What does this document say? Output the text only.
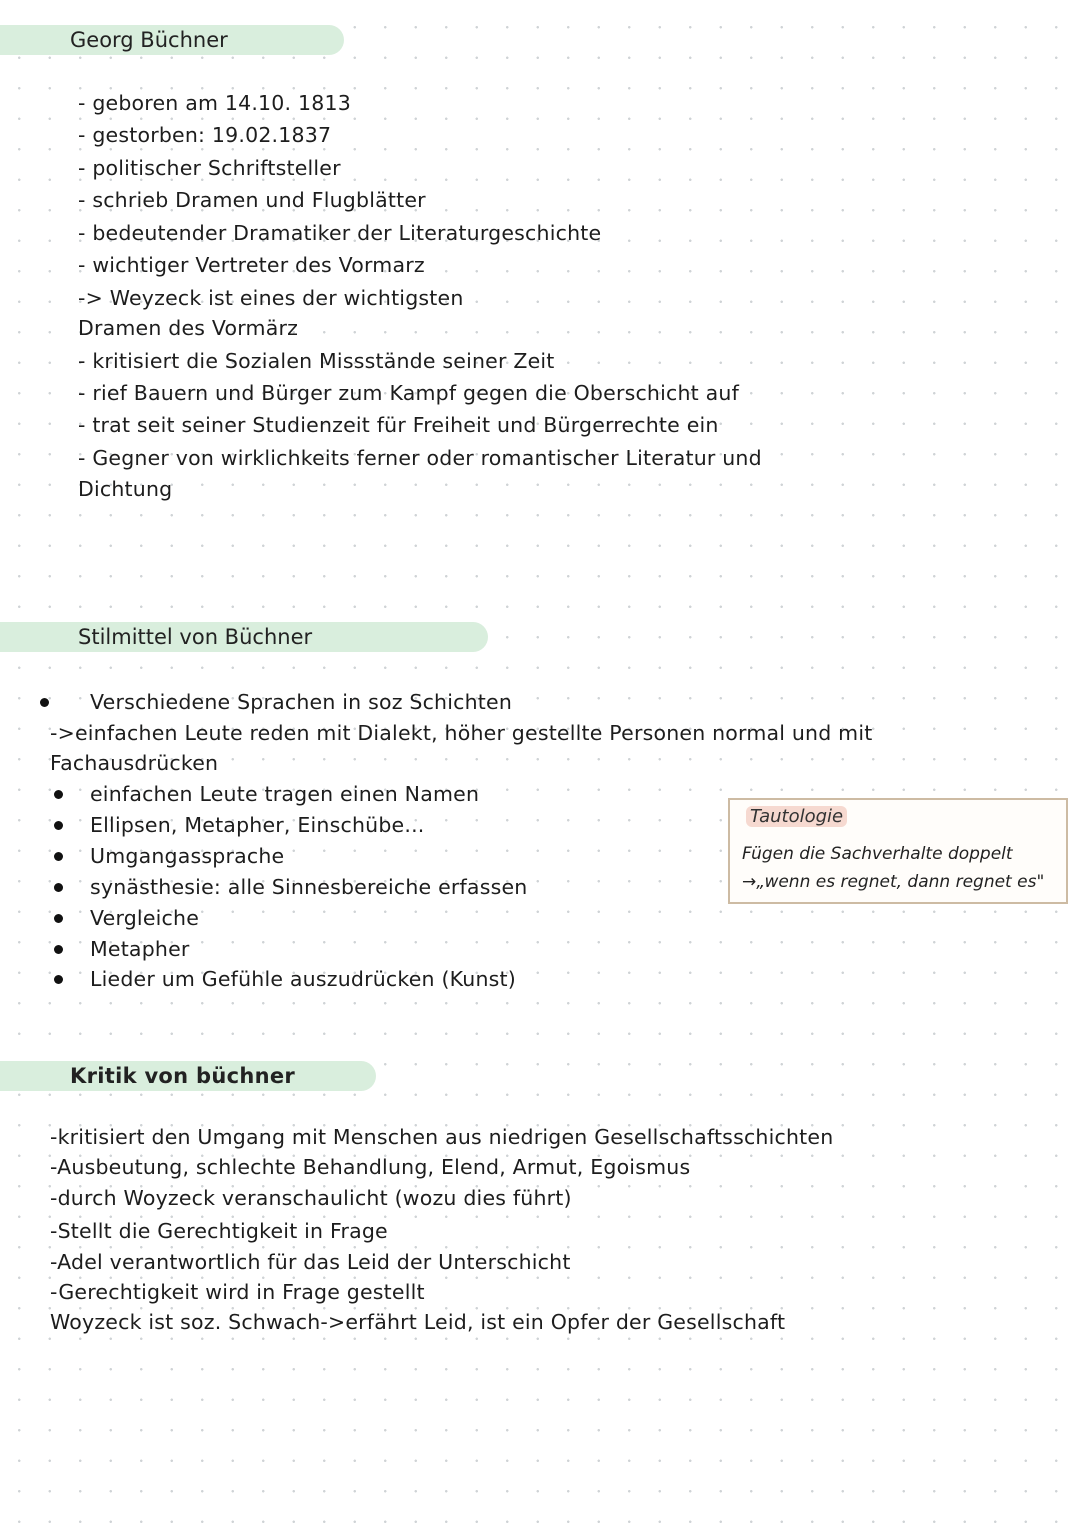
Georg Büchner
- geboren am 14.10. 1813
- gestorben: 19.02.1837
- politischer Schriftsteller
- schrieb Dramen und Flugblätter
- bedeutender Dramatiker der Literaturgeschichte
- wichtiger Vertreter des Vormarz
-> Weyzeck ist eines der wichtigsten
Dramen des Vormärz
- kritisiert die Sozialen Missstände seiner Zeit
- rief Bauern und Bürger zum Kampf gegen die Oberschicht auf
- trat seit seiner Studienzeit für Freiheit und Bürgerrechte ein
- Gegner von wirklichkeits ferner oder romantischer Literatur und
Dichtung
Stilmittel von Büchner
Verschiedene Sprachen in soz Schichten
->einfachen Leute reden mit Dialekt, höher gestellte Personen normal und mit
Fachausdrücken
einfachen Leute tragen einen Namen
Ellipsen, Metapher, Einschübe...
Umgangassprache
synästhesie: alle Sinnesbereiche erfassen
Vergleiche
Metapher
Lieder um Gefühle auszudrücken (Kunst)
Tautologie
Fügen die Sachverhalte doppelt
→„wenn es regnet, dann regnet es"
Kritik von büchner
-kritisiert den Umgang mit Menschen aus niedrigen Gesellschaftsschichten
-Ausbeutung, schlechte Behandlung, Elend, Armut, Egoismus
-durch Woyzeck veranschaulicht (wozu dies führt)
-Stellt die Gerechtigkeit in Frage
-Adel verantwortlich für das Leid der Unterschicht
-Gerechtigkeit wird in Frage gestellt
Woyzeck ist soz. Schwach->erfährt Leid, ist ein Opfer der Gesellschaft
